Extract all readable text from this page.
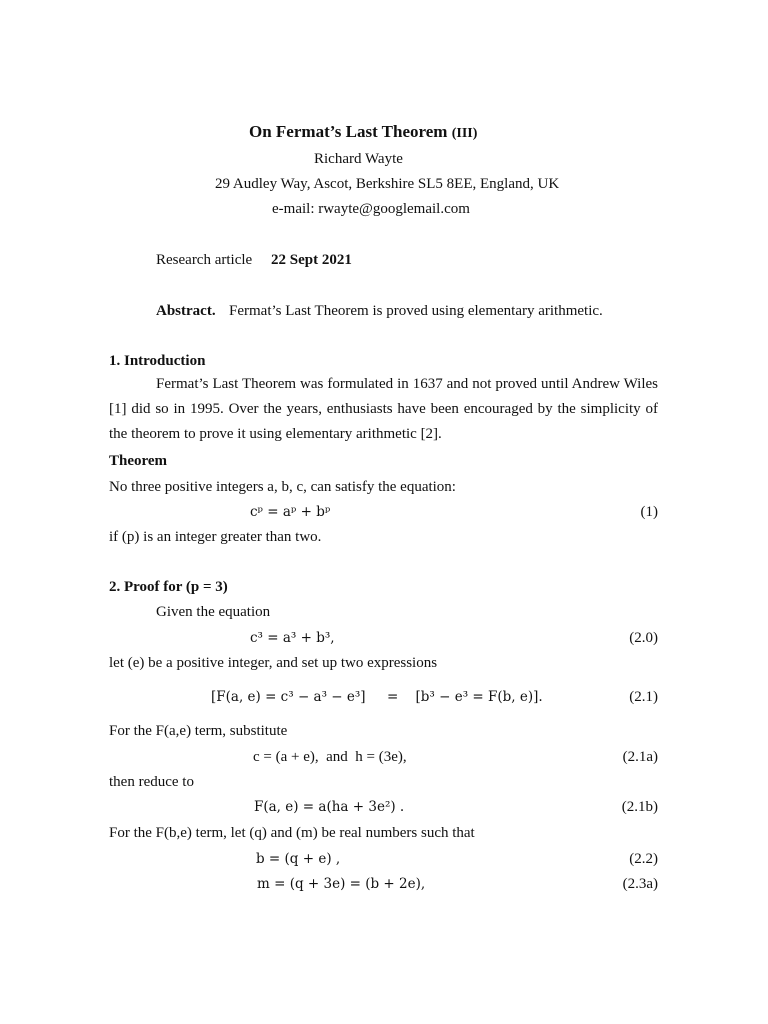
On Fermat’s Last Theorem (III)
Richard Wayte
29 Audley Way, Ascot, Berkshire SL5 8EE, England, UK
e-mail: rwayte@googlemail.com
Research article 22 Sept 2021
Abstract. Fermat’s Last Theorem is proved using elementary arithmetic.
1. Introduction
Fermat’s Last Theorem was formulated in 1637 and not proved until Andrew Wiles [1] did so in 1995. Over the years, enthusiasts have been encouraged by the simplicity of the theorem to prove it using elementary arithmetic [2].
Theorem
No three positive integers a, b, c, can satisfy the equation:
cᵖ = aᵖ + bᵖ	(1)
if (p) is an integer greater than two.
2. Proof for (p = 3)
Given the equation
c³ = a³ + b³,	(2.0)
let (e) be a positive integer, and set up two expressions
[F(a, e) = c³ − a³ − e³]     =    [b³ − e³ = F(b, e)].	(2.1)
For the F(a,e) term, substitute
c = (a + e),  and  h = (3e),	(2.1a)
then reduce to
F(a, e) = a(ha + 3e²) .	(2.1b)
For the F(b,e) term, let (q) and (m) be real numbers such that
b = (q + e) ,	(2.2)
m = (q + 3e) = (b + 2e),	(2.3a)
